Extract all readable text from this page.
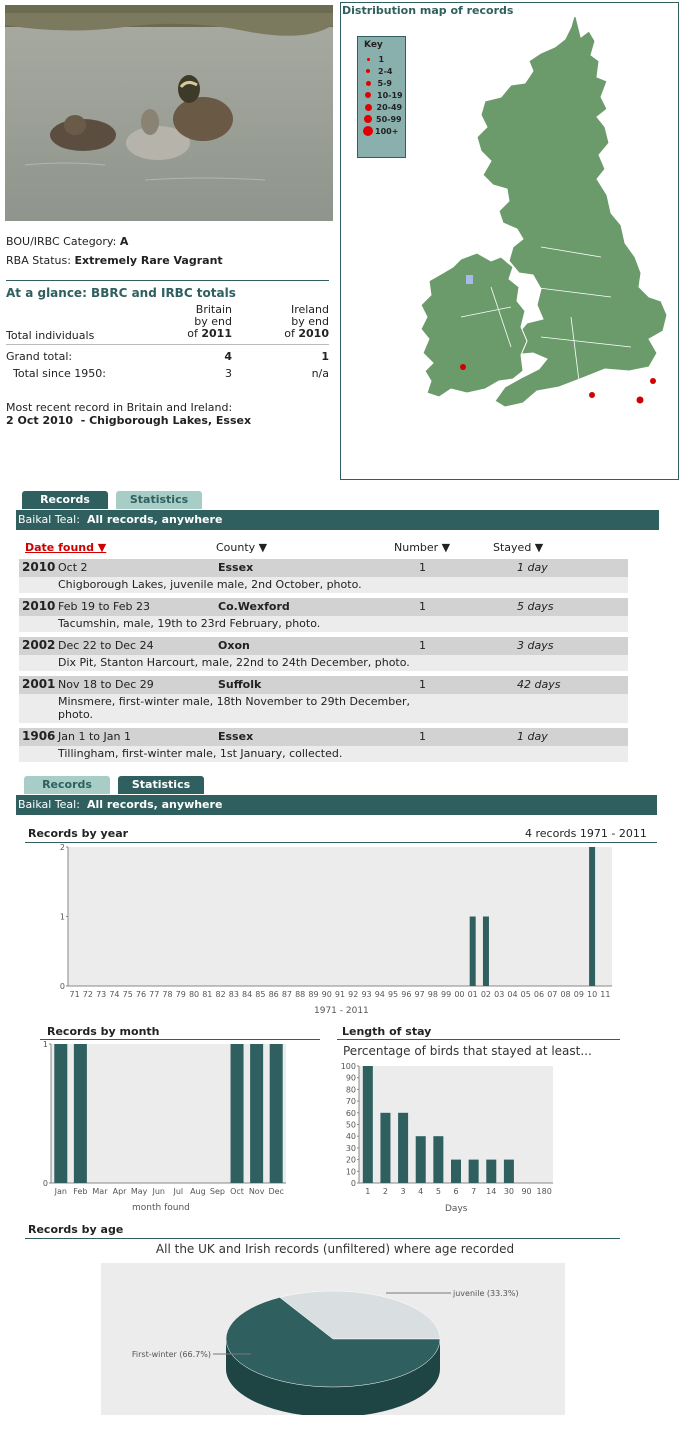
BOU/IRBC Category: A
RBA Status: Extremely Rare Vagrant
At a glance: BBRC and IRBC totals
Britain
by end
of 2011
Ireland
by end
of 2010
Total individuals
Grand total:	4	1
Total since 1950:	3	n/a
Most recent record in Britain and Ireland:
2 Oct 2010  - Chigborough Lakes, Essex
Distribution map of records
Key
1
2-4
5-9
10-19
20-49
50-99
100+
Records	Statistics
Baikal Teal: All records, anywhere
Date found ▼	County ▼	Number ▼	Stayed ▼
2010 Oct 2	Essex	1	1 day
Chigborough Lakes, juvenile male, 2nd October, photo.
2010 Feb 19 to Feb 23	Co.Wexford	1	5 days
Tacumshin, male, 19th to 23rd February, photo.
2002 Dec 22 to Dec 24	Oxon	1	3 days
Dix Pit, Stanton Harcourt, male, 22nd to 24th December, photo.
2001 Nov 18 to Dec 29	Suffolk	1	42 days
Minsmere, first-winter male, 18th November to 29th December,
photo.
1906 Jan 1 to Jan 1	Essex	1	1 day
Tillingham, first-winter male, 1st January, collected.
Records	Statistics
Baikal Teal: All records, anywhere
Records by year	4 records 1971 - 2011
0
1
2
71 72 73 74 75 76 77 78 79 80 81 82 83 84 85 86 87 88 89 90 91 92 93 94 95 96 97 98 99 00 01 02 03 04 05 06 07 08 09 10 11
1971 - 2011
Records by month
0
1
Jan Feb Mar Apr May Jun Jul Aug Sep Oct Nov Dec
month found
Length of stay
Percentage of birds that stayed at least...
0
10
20
30
40
50
60
70
80
90
100
1 2 3 4 5 6 7 14 30 90 180
Days
Records by age
All the UK and Irish records (unfiltered) where age recorded
juvenile (33.3%)
First-winter (66.7%)
